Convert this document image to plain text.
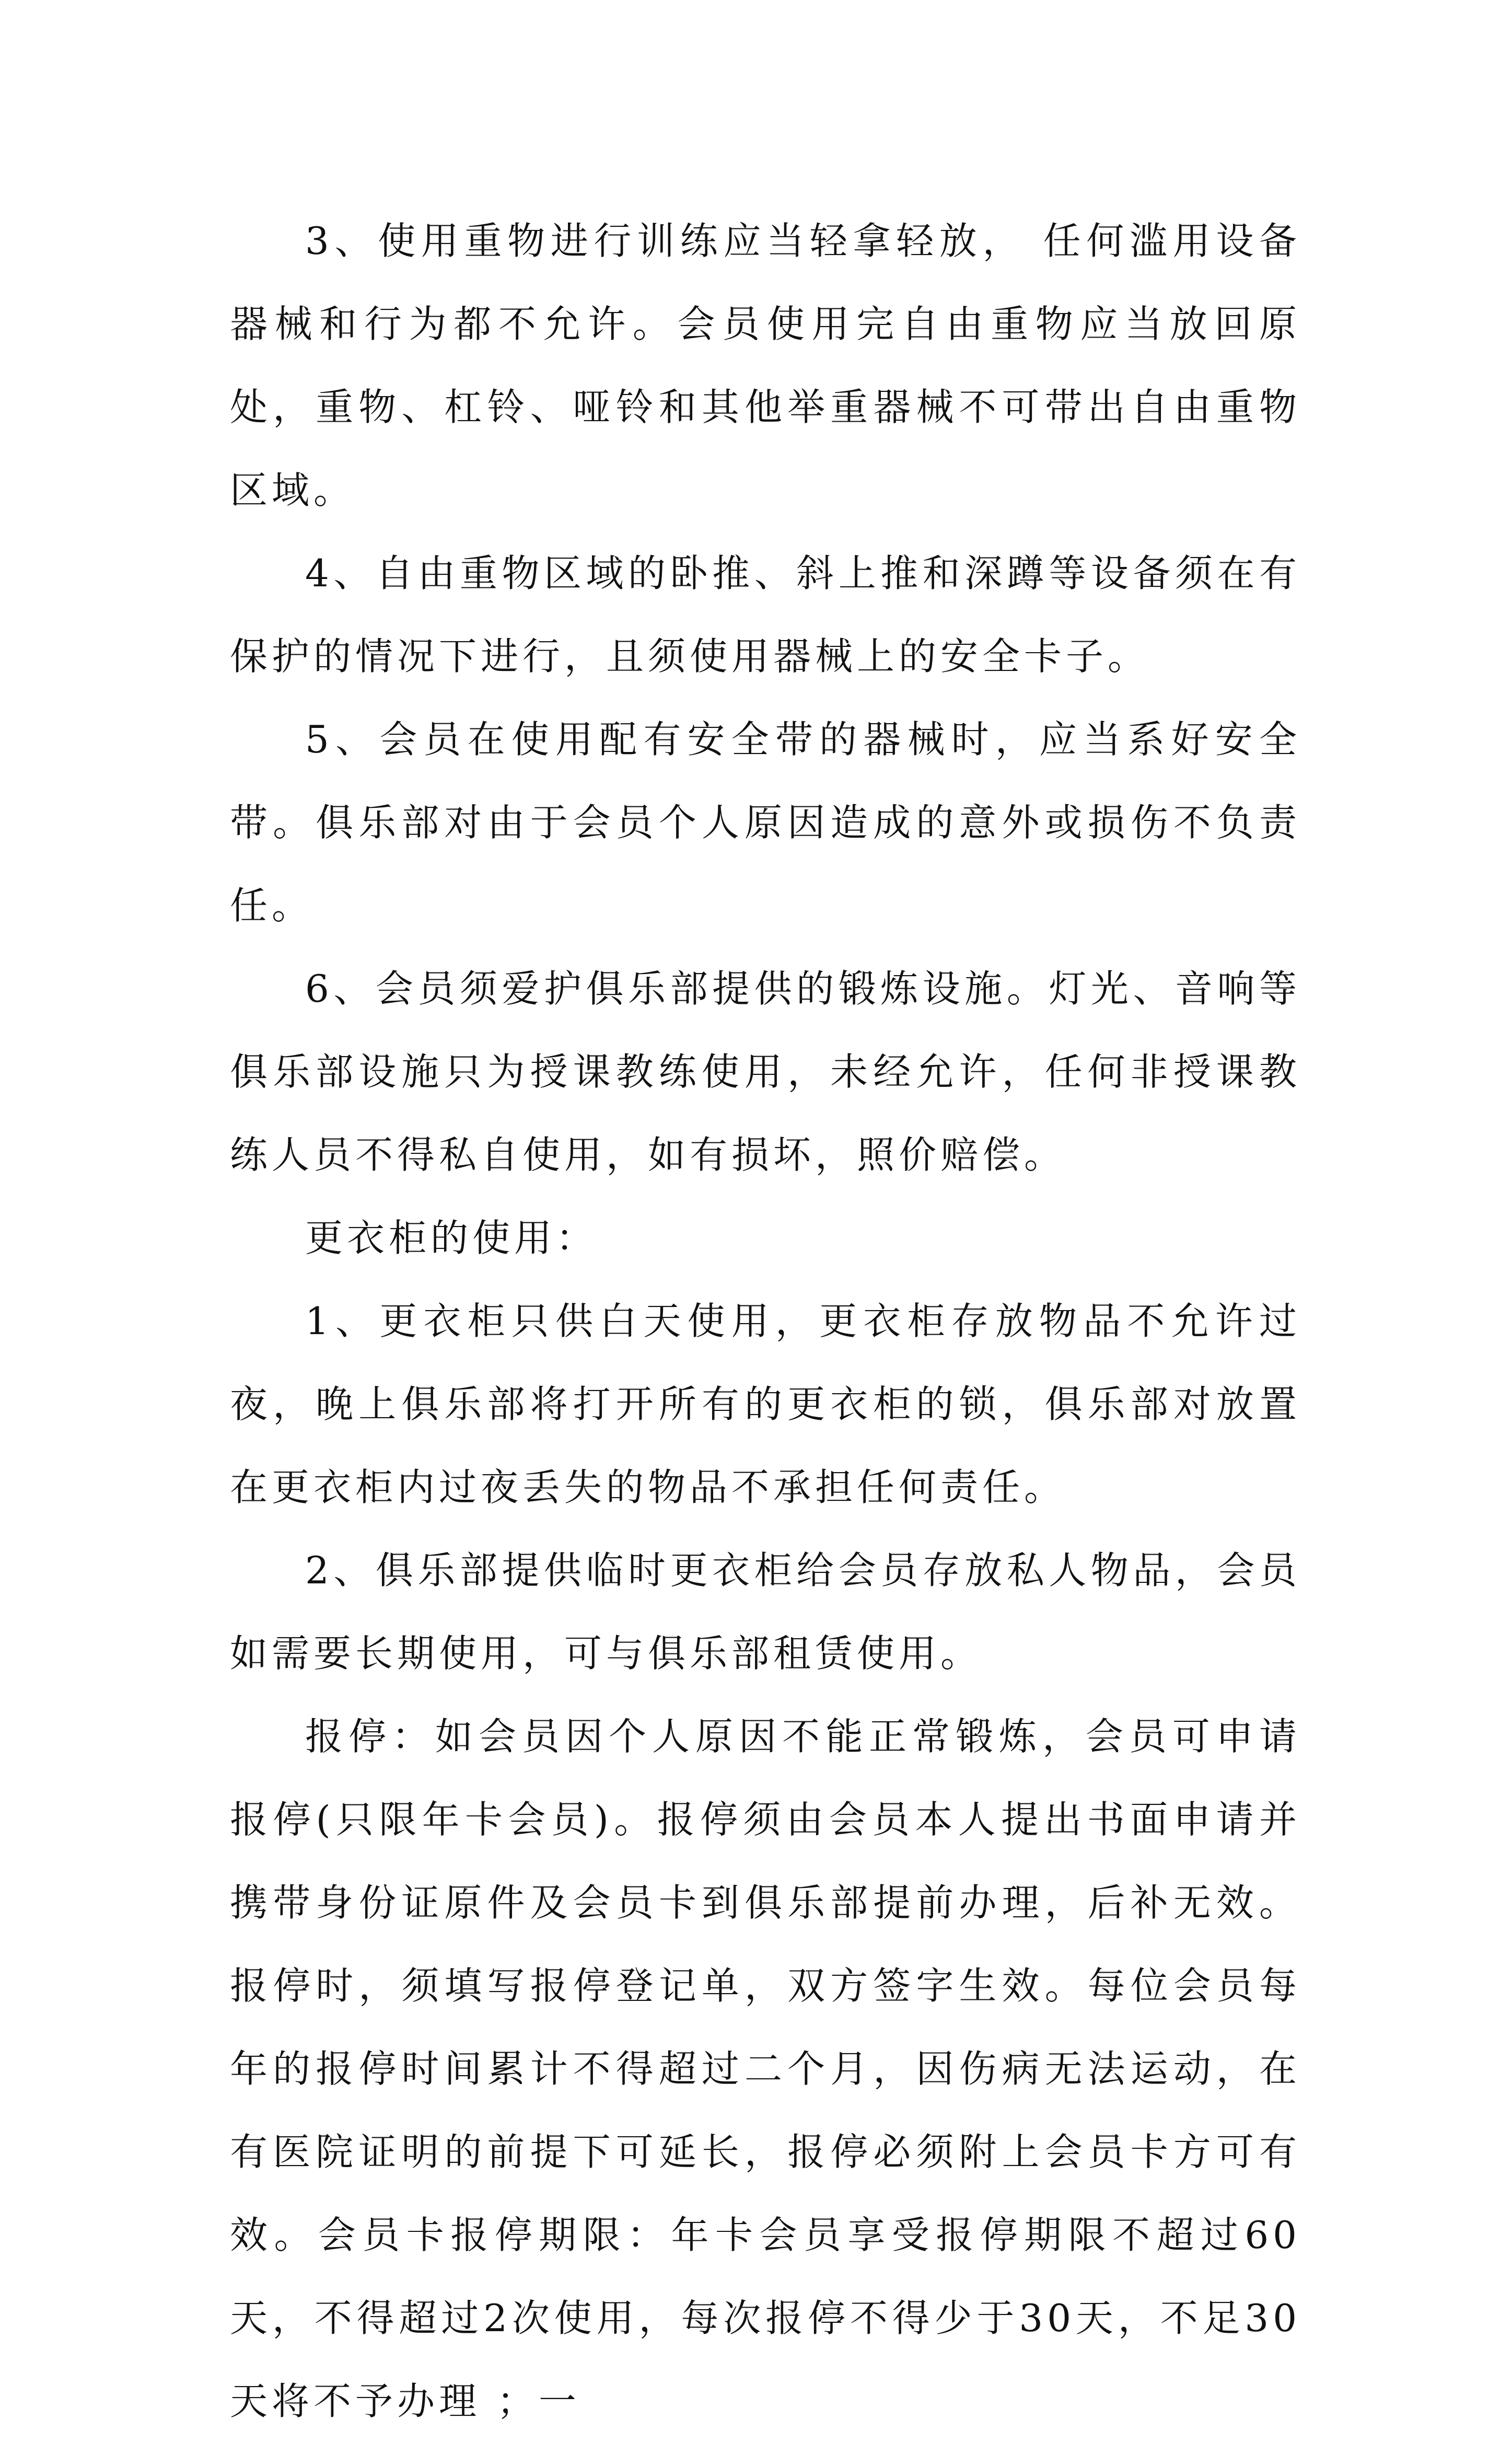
3、使用重物进行训练应当轻拿轻放， 任何滥用设备器械和行为都不允许。会员使用完自由重物应当放回原处，重物、杠铃、哑铃和其他举重器械不可带出自由重物区域。

4、自由重物区域的卧推、斜上推和深蹲等设备须在有保护的情况下进行，且须使用器械上的安全卡子。

5、会员在使用配有安全带的器械时，应当系好安全带。俱乐部对由于会员个人原因造成的意外或损伤不负责任。

6、会员须爱护俱乐部提供的锻炼设施。灯光、音响等俱乐部设施只为授课教练使用，未经允许，任何非授课教练人员不得私自使用，如有损坏，照价赔偿。

更衣柜的使用：

1、更衣柜只供白天使用，更衣柜存放物品不允许过夜，晚上俱乐部将打开所有的更衣柜的锁，俱乐部对放置在更衣柜内过夜丢失的物品不承担任何责任。

2、俱乐部提供临时更衣柜给会员存放私人物品，会员如需要长期使用，可与俱乐部租赁使用。

报停：如会员因个人原因不能正常锻炼，会员可申请报停(只限年卡会员)。报停须由会员本人提出书面申请并携带身份证原件及会员卡到俱乐部提前办理，后补无效。报停时，须填写报停登记单，双方签字生效。每位会员每年的报停时间累计不得超过二个月，因伤病无法运动，在有医院证明的前提下可延长，报停必须附上会员卡方可有效。会员卡报停期限：年卡会员享受报停期限不超过60天，不得超过2次使用，每次报停不得少于30天，不足30天将不予办理 ；一
